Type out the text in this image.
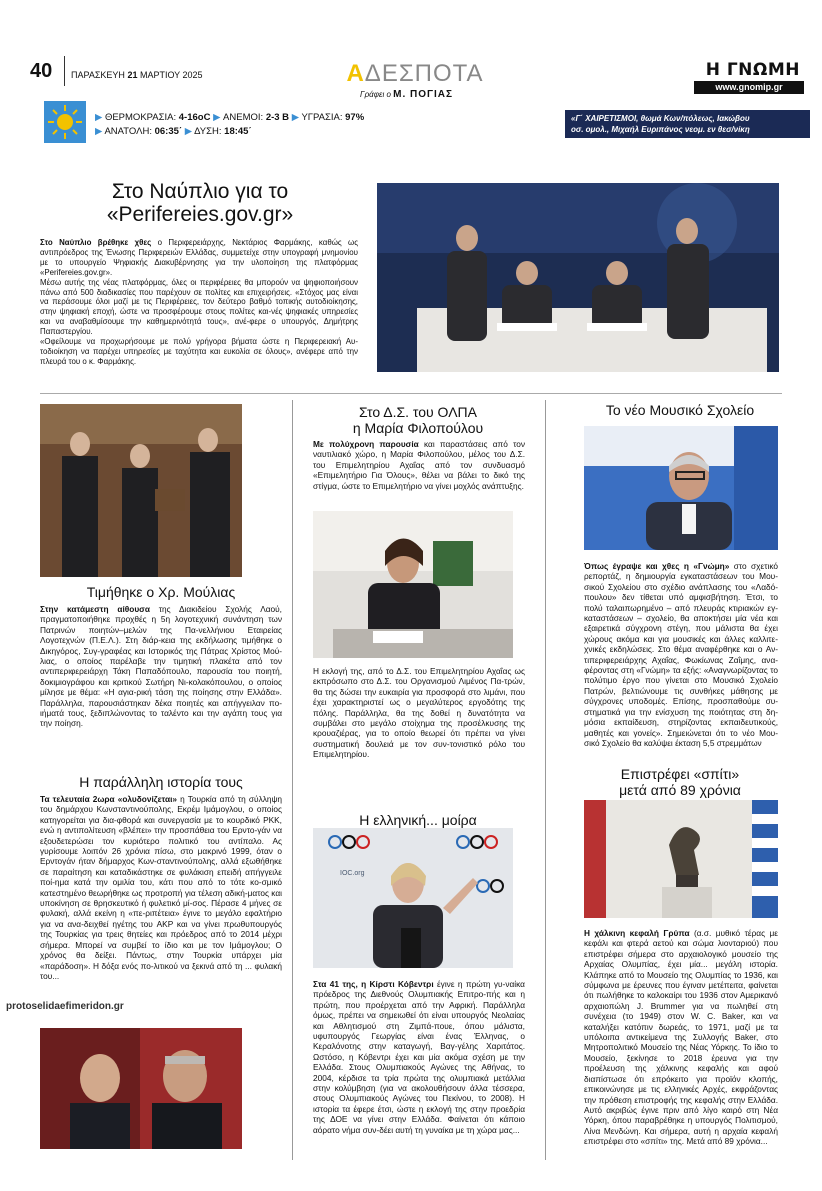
40 ΠΑΡΑΣΚΕΥΗ 21 ΜΑΡΤΙΟΥ 2025	ΑΔΕΣΠΟΤΑ
Γράφει ο Μ. ΠΟΓΙΑΣ
Η ΓΝΩΜΗ
www.gnomip.gr
▶ ΘΕΡΜΟΚΡΑΣΙΑ: 4-16oC ▶ ΑΝΕΜΟΙ: 2-3 Β ▶ ΥΓΡΑΣΙΑ: 97%
▶ ΑΝΑΤΟΛΗ: 06:35΄ ▶ ΔΥΣΗ: 18:45΄
«Γ΄ ΧΑΙΡΕΤΙΣΜΟΙ, θωμά Κων/πόλεως, Ιακώβου
οσ. ομολ., Μιχαήλ Ευριπάνος νεομ. εν θεσ/νίκη
Στο Ναύπλιο για το
«Perifereies.gov.gr»

Στο Ναύπλιο βρέθηκε χθες ο Περιφερειάρχης, Νεκτάριος Φαρμάκης, καθώς ως αντιπρόεδρος της Ένωσης Περιφερειών Ελλάδας, συμμετείχε στην υπογραφή μνημονίου με το υπουργείο Ψηφιακής Διακυβέρνησης για την υλοποίηση της πλατφόρμας «Perifereies.gov.gr».

Μέσω αυτής της νέας πλατφόρμας, όλες οι περιφέρειες θα μπορούν να ψηφιοποιήσουν πάνω από 500 διαδικασίες που παρέχουν σε πολίτες και επιχειρήσεις. «Στόχος μας είναι να περάσουμε όλοι μαζί με τις Περιφέρειες, τον δεύτερο βαθμό τοπικής αυτοδιοίκησης, στην ψηφιακή εποχή, ώστε να προσφέρουμε στους πολίτες και-νές ψηφιακές υπηρεσίες και να αναβαθμίσουμε την καθημερινότητά τους», ανέ-φερε ο υπουργός, Δημήτρης Παπαστεργίου.

«Οφείλουμε να προχωρήσουμε με πολύ γρήγορα βήματα ώστε η Περιφερειακή Αυ-τοδιοίκηση να παρέχει υπηρεσίες με ταχύτητα και ευκολία σε όλους», ανέφερε από την πλευρά του ο κ. Φαρμάκης.

Τιμήθηκε ο Χρ. Μούλιας

Στην κατάμεστη αίθουσα της Διακιδείου Σχολής Λαού, πραγματοποιήθηκε προχθές η 5η λογοτεχνική συνάντηση των Πατρινών ποιητών–μελών της Πα-νελλήνιου Εταιρείας Λογοτεχνών (Π.Ε.Λ.). Στη διάρ-κεια της εκδήλωσης τιμήθηκε ο Δικηγόρος, Συγ-γραφέας και Ιστορικός της Πάτρας Χρίστος Μού-λιας, ο οποίος παρέλαβε την τιμητική πλακέτα από τον αντιπεριφερειάρχη Τάκη Παπαδόπουλο, παρουσία του ποιητή, δοκιμιογράφου και κριτικού Σωτήρη Νι-κολακόπουλου, ο οποίος μίλησε με θέμα: «Η αγια-ρική τάση της ποίησης στην Ελλάδα». Παράλληλα, παρουσιάστηκαν δέκα ποιητές και απήγγειλαν πο-ιήματά τους, ξεδιπλώνοντας το ταλέντο και την αγάπη τους για την ποίηση.

Η παράλληλη ιστορία τους

Τα τελευταία 2ωρα «ολυδονίζεται» η Τουρκία από τη σύλληψη του δημάρχου Κωνσταντινούπολης, Εκρέμ Ιμάμογλου, ο οποίος κατηγορείται για δια-φθορά και συνεργασία με το κουρδικό ΡΚΚ, ενώ η αντιπολίτευση «βλέπει» την προσπάθεια του Ερντο-γάν να εξουδετερώσει τον κυριότερο πολιτικό του αντίπαλο. Ας γυρίσουμε λοιπόν 26 χρόνια πίσω, στο μακρινό 1999, όταν ο Ερντογάν ήταν δήμαρχος Κων-σταντινούπολης, αλλά εξωθήθηκε σε παραίτηση και καταδικάστηκε σε φυλάκιση επειδή απήγγειλε ποί-ημα κατά την ομιλία του, κάτι που από το τότε κο-σμικό κατεστημένο θεωρήθηκε ως προτροπή για τέλεση αδική-ματος και υποκίνηση σε θρησκευτικό ή φυλετικό μί-σος. Πέρασε 4 μήνες σε φυλακή, αλλά εκείνη η «πε-ριπέτεια» έγινε το μεγάλο εφαλτήριο για να ανα-δειχθεί ηγέτης του AKP και να γίνει πρωθυπουργός της Τουρκίας για τρεις θητείες και πρόεδρος από το 2014 μέχρι σήμερα. Μπορεί να συμβεί το ίδιο και με τον Ιμάμογλου; Ο χρόνος θα δείξει. Πάντως, στην Τουρκία υπάρχει μία «παράδοση». Η δόξα ενός πο-λιτικού να ξεκινά από τη ... φυλακή του...

protoselidaefimeridon.gr
Στο Δ.Σ. του ΟΛΠΑ
η Μαρία Φιλοπούλου

Με πολύχρονη παρουσία και παραστάσεις από τον ναυτιλιακό χώρο, η Μαρία Φιλοπούλου, μέλος του Δ.Σ. του Επιμελητηρίου Αχαΐας από τον συνδυασμό «Επιμελητήριο Για Όλους», θέλει να βάλει το δικό της στίγμα, ώστε το Επιμελητήριο να γίνει μοχλός ανάπτυξης.

Η εκλογή της, από το Δ.Σ. του Επιμελητηρίου Αχαΐας ως εκπρόσωπο στο Δ.Σ. του Οργανισμού Λιμένος Πα-τρών, θα της δώσει την ευκαιρία για προσφορά στο λιμάνι, που έχει χαρακτηριστεί ως ο μεγαλύτερος εργοδότης της πόλης. Παράλληλα, θα της δοθεί η δυνατότητα να συμβάλει στο μεγάλο στοίχημα της προσέλκυσης της κρουαζιέρας, για το οποίο θεωρεί ότι πρέπει να γίνει συστηματική δουλειά με τον συν-τονιστικό ρόλο του Επιμελητηρίου.

Η ελληνική... μοίρα
IOC.org

Στα 41 της, η Κίρστι Κόβεντρι έγινε η πρώτη γυ-ναίκα πρόεδρος της Διεθνούς Ολυμπιακής Επιτρο-πής και η πρώτη, που προέρχεται από την Αφρική. Παράλληλα όμως, πρέπει να σημειωθεί ότι είναι υπουργός Νεολαίας και Αθλητισμού στη Ζιμπά-πουε, όπου μάλιστα, υφυπουργός Γεωργίας είναι ένας Έλληνας, ο Κεραλόνοτης στην καταγωγή, Βαγ-γέλης Χαριτάτος. Ωστόσο, η Κόβεντρι έχει και μία ακόμα σχέση με την Ελλάδα. Στους Ολυμπιακούς Αγώνες της Αθήνας, το 2004, κέρδισε τα τρία πρώτα της ολυμπιακά μετάλλια στην κολύμβηση (για να ακολουθήσουν άλλα τέσσερα, στους Ολυμπιακούς Αγώνες του Πεκίνου, το 2008). Η ιστορία τα έφερε έτσι, ώστε η εκλογή της στην προεδρία της ΔΟΕ να γίνει στην Ελλάδα. Φαίνεται ότι κάποιο αόρατο νήμα συν-δέει αυτή τη γυναίκα με τη χώρα μας...

Το νέο Μουσικό Σχολείο

Όπως έγραψε και χθες η «Γνώμη» στο σχετικό ρεπορτάζ, η δημιουργία εγκαταστάσεων του Μου-σικού Σχολείου στο σχέδιο ανάπλασης του «Λαδό-πουλου» δεν τίθεται υπό αμφισβήτηση. Έτσι, το πολύ ταλαιπωρημένο – από πλευράς κτιριακών εγ-καταστάσεων – σχολείο, θα αποκτήσει μία νέα και εξαιρετικά σύγχρονη στέγη, που μάλιστα θα έχει χώρους ακόμα και για μουσικές και άλλες καλλιτε-χνικές εκδηλώσεις. Στο θέμα αναφέρθηκε και ο Αν-τιπεριφερειάρχης Αχαΐας, Φωκίωνας Ζαΐμης, ανα-φέροντας στη «Γνώμη» τα εξής: «Αναγνωρίζοντας το πολύτιμο έργο που γίνεται στο Μουσικό Σχολείο Πατρών, βελτιώνουμε τις συνθήκες μάθησης με σύγχρονες υποδομές. Επίσης, προσπαθούμε συ-στηματικά για την ενίσχυση της ποιότητας στη δη-μόσια εκπαίδευση, στηρίζοντας εκπαιδευτικούς, μαθητές και γονείς». Σημειώνεται ότι το νέο Μου-σικό Σχολείο θα καλύψει έκταση 5,5 στρεμμάτων

Επιστρέφει «σπίτι»
μετά από 89 χρόνια

Η χάλκινη κεφαλή Γρύπα (α.σ. μυθικό τέρας με κεφάλι και φτερά αετού και σώμα λιονταριού) που επιστρέφει σήμερα στο αρχαιολογικό μουσείο της Αρχαίας Ολυμπίας, έχει μία... μεγάλη ιστορία. Κλάπηκε από το Μουσείο της Ολυμπίας το 1936, και σύμφωνα με έρευνες που έγιναν μετέπειτα, φαίνεται ότι πωλήθηκε το καλοκαίρι του 1936 στον Αμερικανό αρχαιοπώλη J. Brummer για να πωληθεί στη συνέχεια (το 1949) στον W. C. Baker, και να καταλήξει κατόπιν δωρεάς, το 1971, μαζί με τα υπόλοιπα αντικείμενα της Συλλογής Baker, στο Μητροπολιτικό Μουσείο της Νέας Υόρκης. Το ίδιο το Μουσείο, ξεκίνησε το 2018 έρευνα για την προέλευση της χάλκινης κεφαλής και αφού διαπίστωσε ότι επρόκειτο για προϊόν κλοπής, επικοινώνησε με τις ελληνικές Αρχές, εκφράζοντας την πρόθεση επιστροφής της κεφαλής στην Ελλάδα. Αυτό ακριβώς έγινε πριν από λίγο καιρό στη Νέα Υόρκη, όπου παραβρέθηκε η υπουργός Πολιτισμού, Λίνα Μενδώνη. Και σήμερα, αυτή η αρχαία κεφαλή επιστρέφει στο «σπίτι» της. Μετά από 89 χρόνια...
